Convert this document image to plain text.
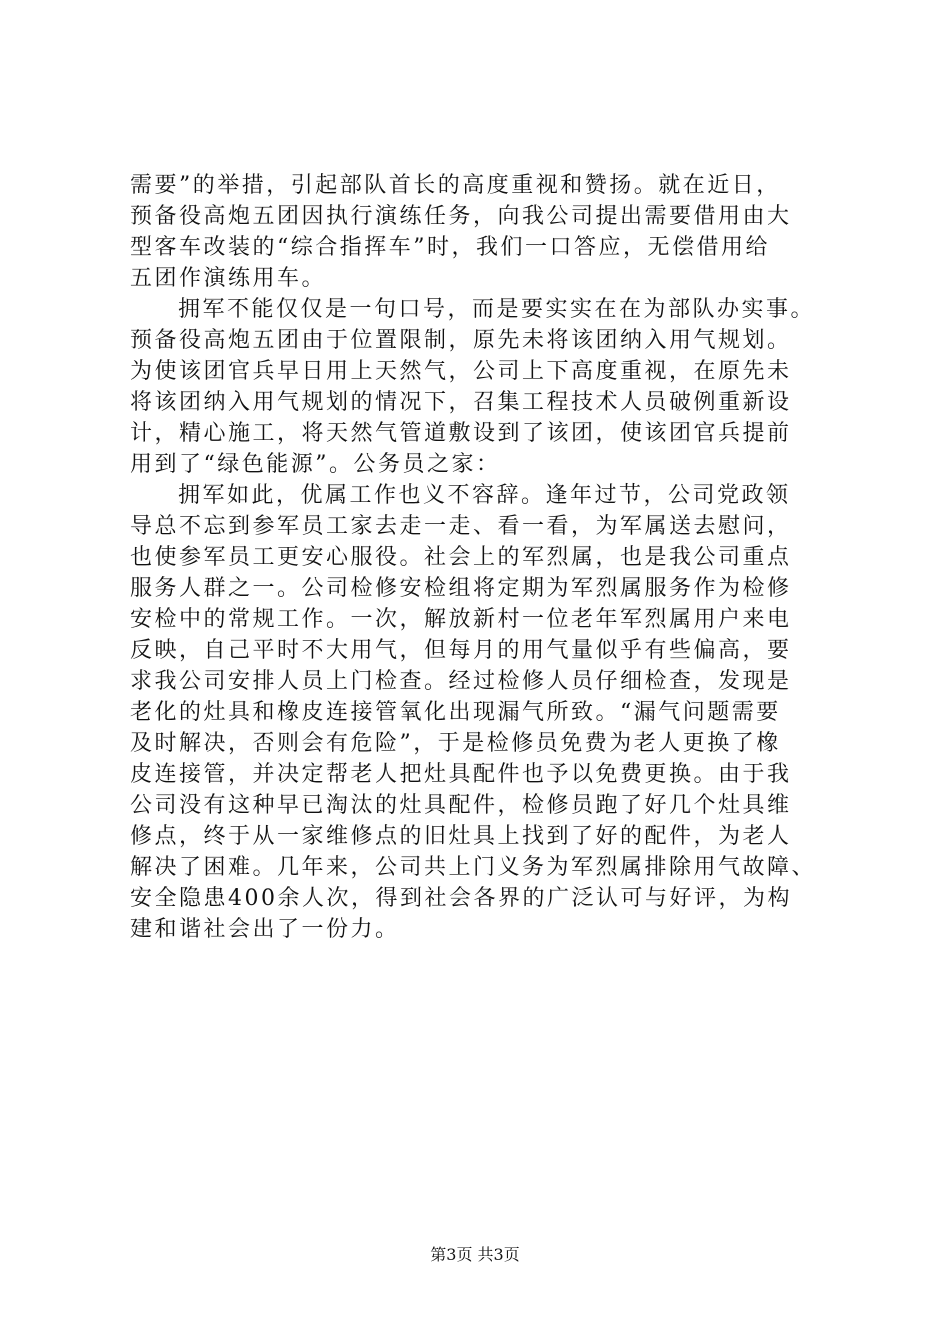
需要”的举措，引起部队首长的高度重视和赞扬。就在近日，
预备役高炮五团因执行演练任务，向我公司提出需要借用由大
型客车改装的“综合指挥车”时，我们一口答应，无偿借用给
五团作演练用车。
拥军不能仅仅是一句口号，而是要实实在在为部队办实事。
预备役高炮五团由于位置限制，原先未将该团纳入用气规划。
为使该团官兵早日用上天然气，公司上下高度重视，在原先未
将该团纳入用气规划的情况下，召集工程技术人员破例重新设
计，精心施工，将天然气管道敷设到了该团，使该团官兵提前
用到了“绿色能源”。公务员之家：
拥军如此，优属工作也义不容辞。逢年过节，公司党政领
导总不忘到参军员工家去走一走、看一看，为军属送去慰问，
也使参军员工更安心服役。社会上的军烈属，也是我公司重点
服务人群之一。公司检修安检组将定期为军烈属服务作为检修
安检中的常规工作。一次，解放新村一位老年军烈属用户来电
反映，自己平时不大用气，但每月的用气量似乎有些偏高，要
求我公司安排人员上门检查。经过检修人员仔细检查，发现是
老化的灶具和橡皮连接管氧化出现漏气所致。“漏气问题需要
及时解决，否则会有危险”，于是检修员免费为老人更换了橡
皮连接管，并决定帮老人把灶具配件也予以免费更换。由于我
公司没有这种早已淘汰的灶具配件，检修员跑了好几个灶具维
修点，终于从一家维修点的旧灶具上找到了好的配件，为老人
解决了困难。几年来，公司共上门义务为军烈属排除用气故障、
安全隐患400余人次，得到社会各界的广泛认可与好评，为构
建和谐社会出了一份力。
第3页 共3页
